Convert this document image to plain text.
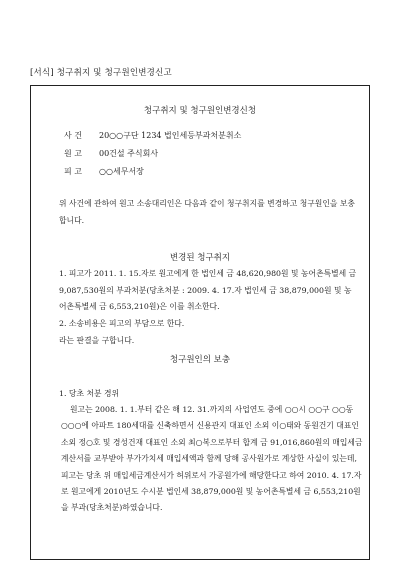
[서식] 청구취지 및 청구원인변경신고
청구취지 및 청구원인변경신청
사 건 20○○구단 1234 법인세등부과처분취소
원 고 00건설 주식회사
피 고 ○○세무서장
위 사건에 관하여 원고 소송대리인은 다음과 같이 청구취지를 변경하고 청구원인을 보충합니다.
변경된 청구취지
1. 피고가 2011. 1. 15.자로 원고에게 한 법인세 금 48,620,980원 및 농어촌특별세 금 9,087,530원의 부과처분(당초처분 : 2009. 4. 17.자 법인세 금 38,879,000원 및 농어촌특별세 금 6,553,210원)은 이를 취소한다.
2. 소송비용은 피고의 부담으로 한다.
라는 판결을 구합니다.
청구원인의 보충
1. 당초 처분 경위
원고는 2008. 1. 1.부터 같은 해 12. 31.까지의 사업연도 중에 ○○시 ○○구 ○○동 ○○○에 아파트 180세대를 신축하면서 신용관지 대표인 소외 이○태와 동원건기 대표인 소외 정○호 및 경성건재 대표인 소외 최○복으로부터 합계 금 91,016,860원의 매입세금계산서를 교부받아 부가가치세 매입세액과 함께 당해 공사원가로 계상한 사실이 있는데, 피고는 당초 위 매입세금계산서가 허위로서 가공원가에 해당한다고 하여 2010. 4. 17.자로 원고에게 2010년도 수시분 법인세 38,879,000원 및 농어촌특별세 금 6,553,210원을 부과(당초처분)하였습니다.
